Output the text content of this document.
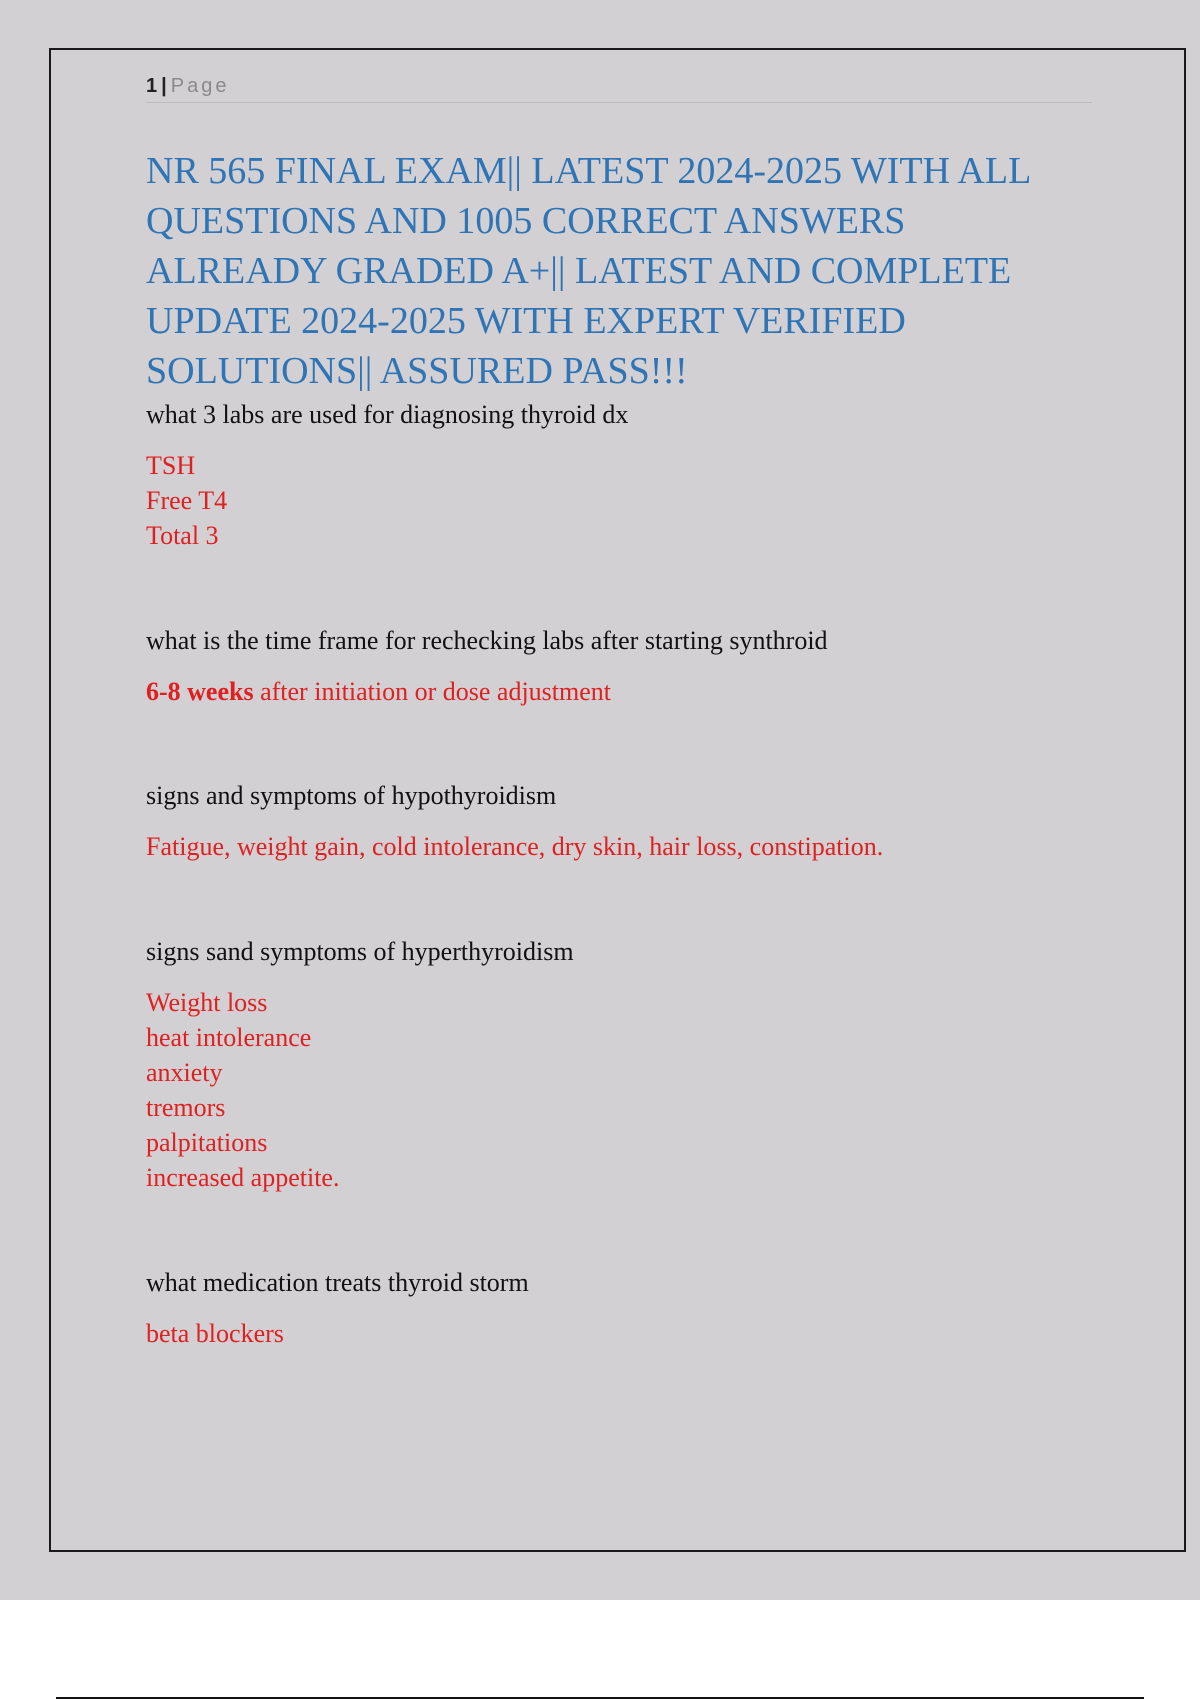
1 | Page
NR 565 FINAL EXAM|| LATEST 2024-2025 WITH ALL QUESTIONS AND 1005 CORRECT ANSWERS ALREADY GRADED A+|| LATEST AND COMPLETE UPDATE 2024-2025 WITH EXPERT VERIFIED SOLUTIONS|| ASSURED PASS!!!

what 3 labs are used for diagnosing thyroid dx

TSH
Free T4
Total 3

what is the time frame for rechecking labs after starting synthroid

6-8 weeks after initiation or dose adjustment

signs and symptoms of hypothyroidism

Fatigue, weight gain, cold intolerance, dry skin, hair loss, constipation.

signs sand symptoms of hyperthyroidism

Weight loss
heat intolerance
anxiety
tremors
palpitations
increased appetite.

what medication treats thyroid storm

beta blockers
